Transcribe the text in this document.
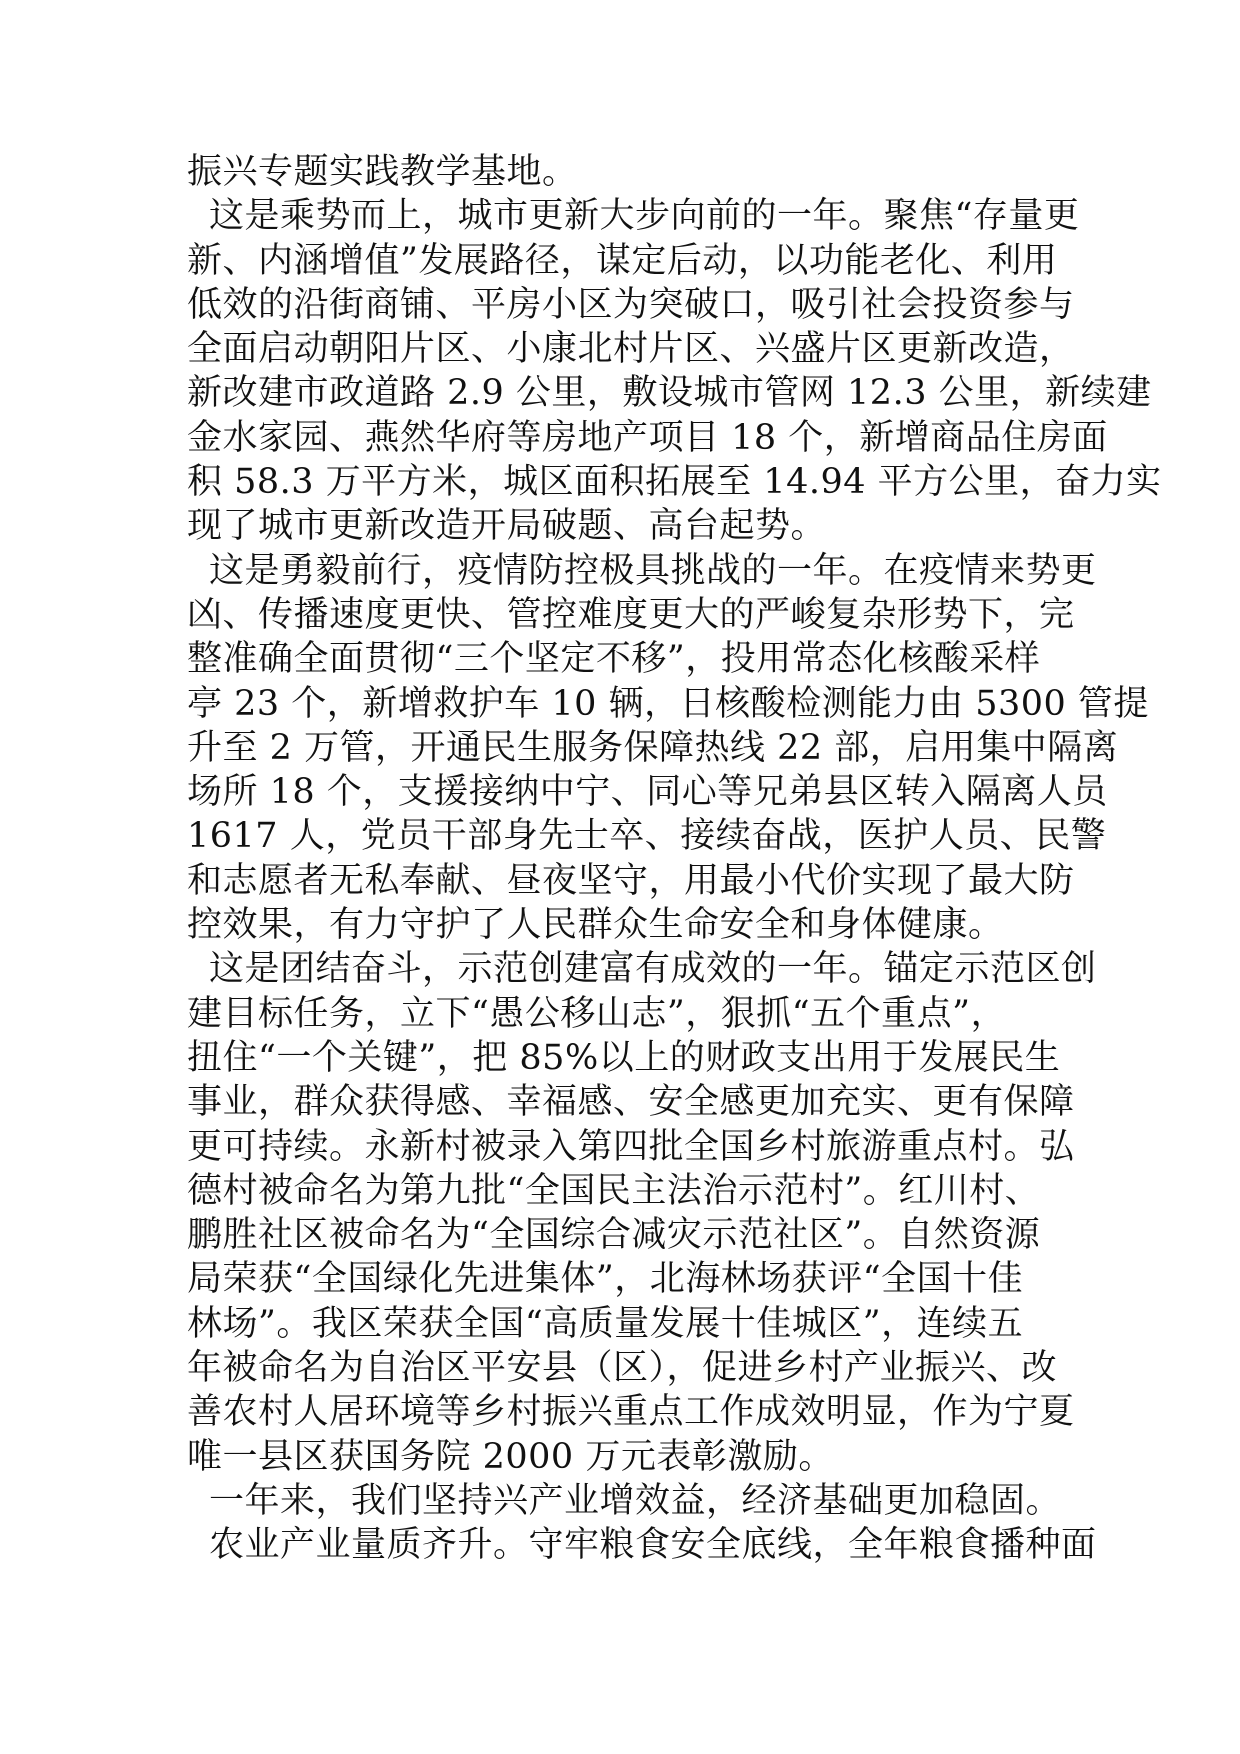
振兴专题实践教学基地。
这是乘势而上，城市更新大步向前的一年。聚焦“存量更
新、内涵增值”发展路径，谋定后动，以功能老化、利用
低效的沿街商铺、平房小区为突破口，吸引社会投资参与
全面启动朝阳片区、小康北村片区、兴盛片区更新改造，
新改建市政道路 2.9 公里，敷设城市管网 12.3 公里，新续建
金水家园、燕然华府等房地产项目 18 个，新增商品住房面
积 58.3 万平方米，城区面积拓展至 14.94 平方公里，奋力实
现了城市更新改造开局破题、高台起势。
这是勇毅前行，疫情防控极具挑战的一年。在疫情来势更
凶、传播速度更快、管控难度更大的严峻复杂形势下，完
整准确全面贯彻“三个坚定不移”，投用常态化核酸采样
亭 23 个，新增救护车 10 辆，日核酸检测能力由 5300 管提
升至 2 万管，开通民生服务保障热线 22 部，启用集中隔离
场所 18 个，支援接纳中宁、同心等兄弟县区转入隔离人员
1617 人，党员干部身先士卒、接续奋战，医护人员、民警
和志愿者无私奉献、昼夜坚守，用最小代价实现了最大防
控效果，有力守护了人民群众生命安全和身体健康。
这是团结奋斗，示范创建富有成效的一年。锚定示范区创
建目标任务，立下“愚公移山志”，狠抓“五个重点”，
扭住“一个关键”，把 85%以上的财政支出用于发展民生
事业，群众获得感、幸福感、安全感更加充实、更有保障
更可持续。永新村被录入第四批全国乡村旅游重点村。弘
德村被命名为第九批“全国民主法治示范村”。红川村、
鹏胜社区被命名为“全国综合减灾示范社区”。自然资源
局荣获“全国绿化先进集体”，北海林场获评“全国十佳
林场”。我区荣获全国“高质量发展十佳城区”，连续五
年被命名为自治区平安县（区），促进乡村产业振兴、改
善农村人居环境等乡村振兴重点工作成效明显，作为宁夏
唯一县区获国务院 2000 万元表彰激励。
一年来，我们坚持兴产业增效益，经济基础更加稳固。
农业产业量质齐升。守牢粮食安全底线，全年粮食播种面
